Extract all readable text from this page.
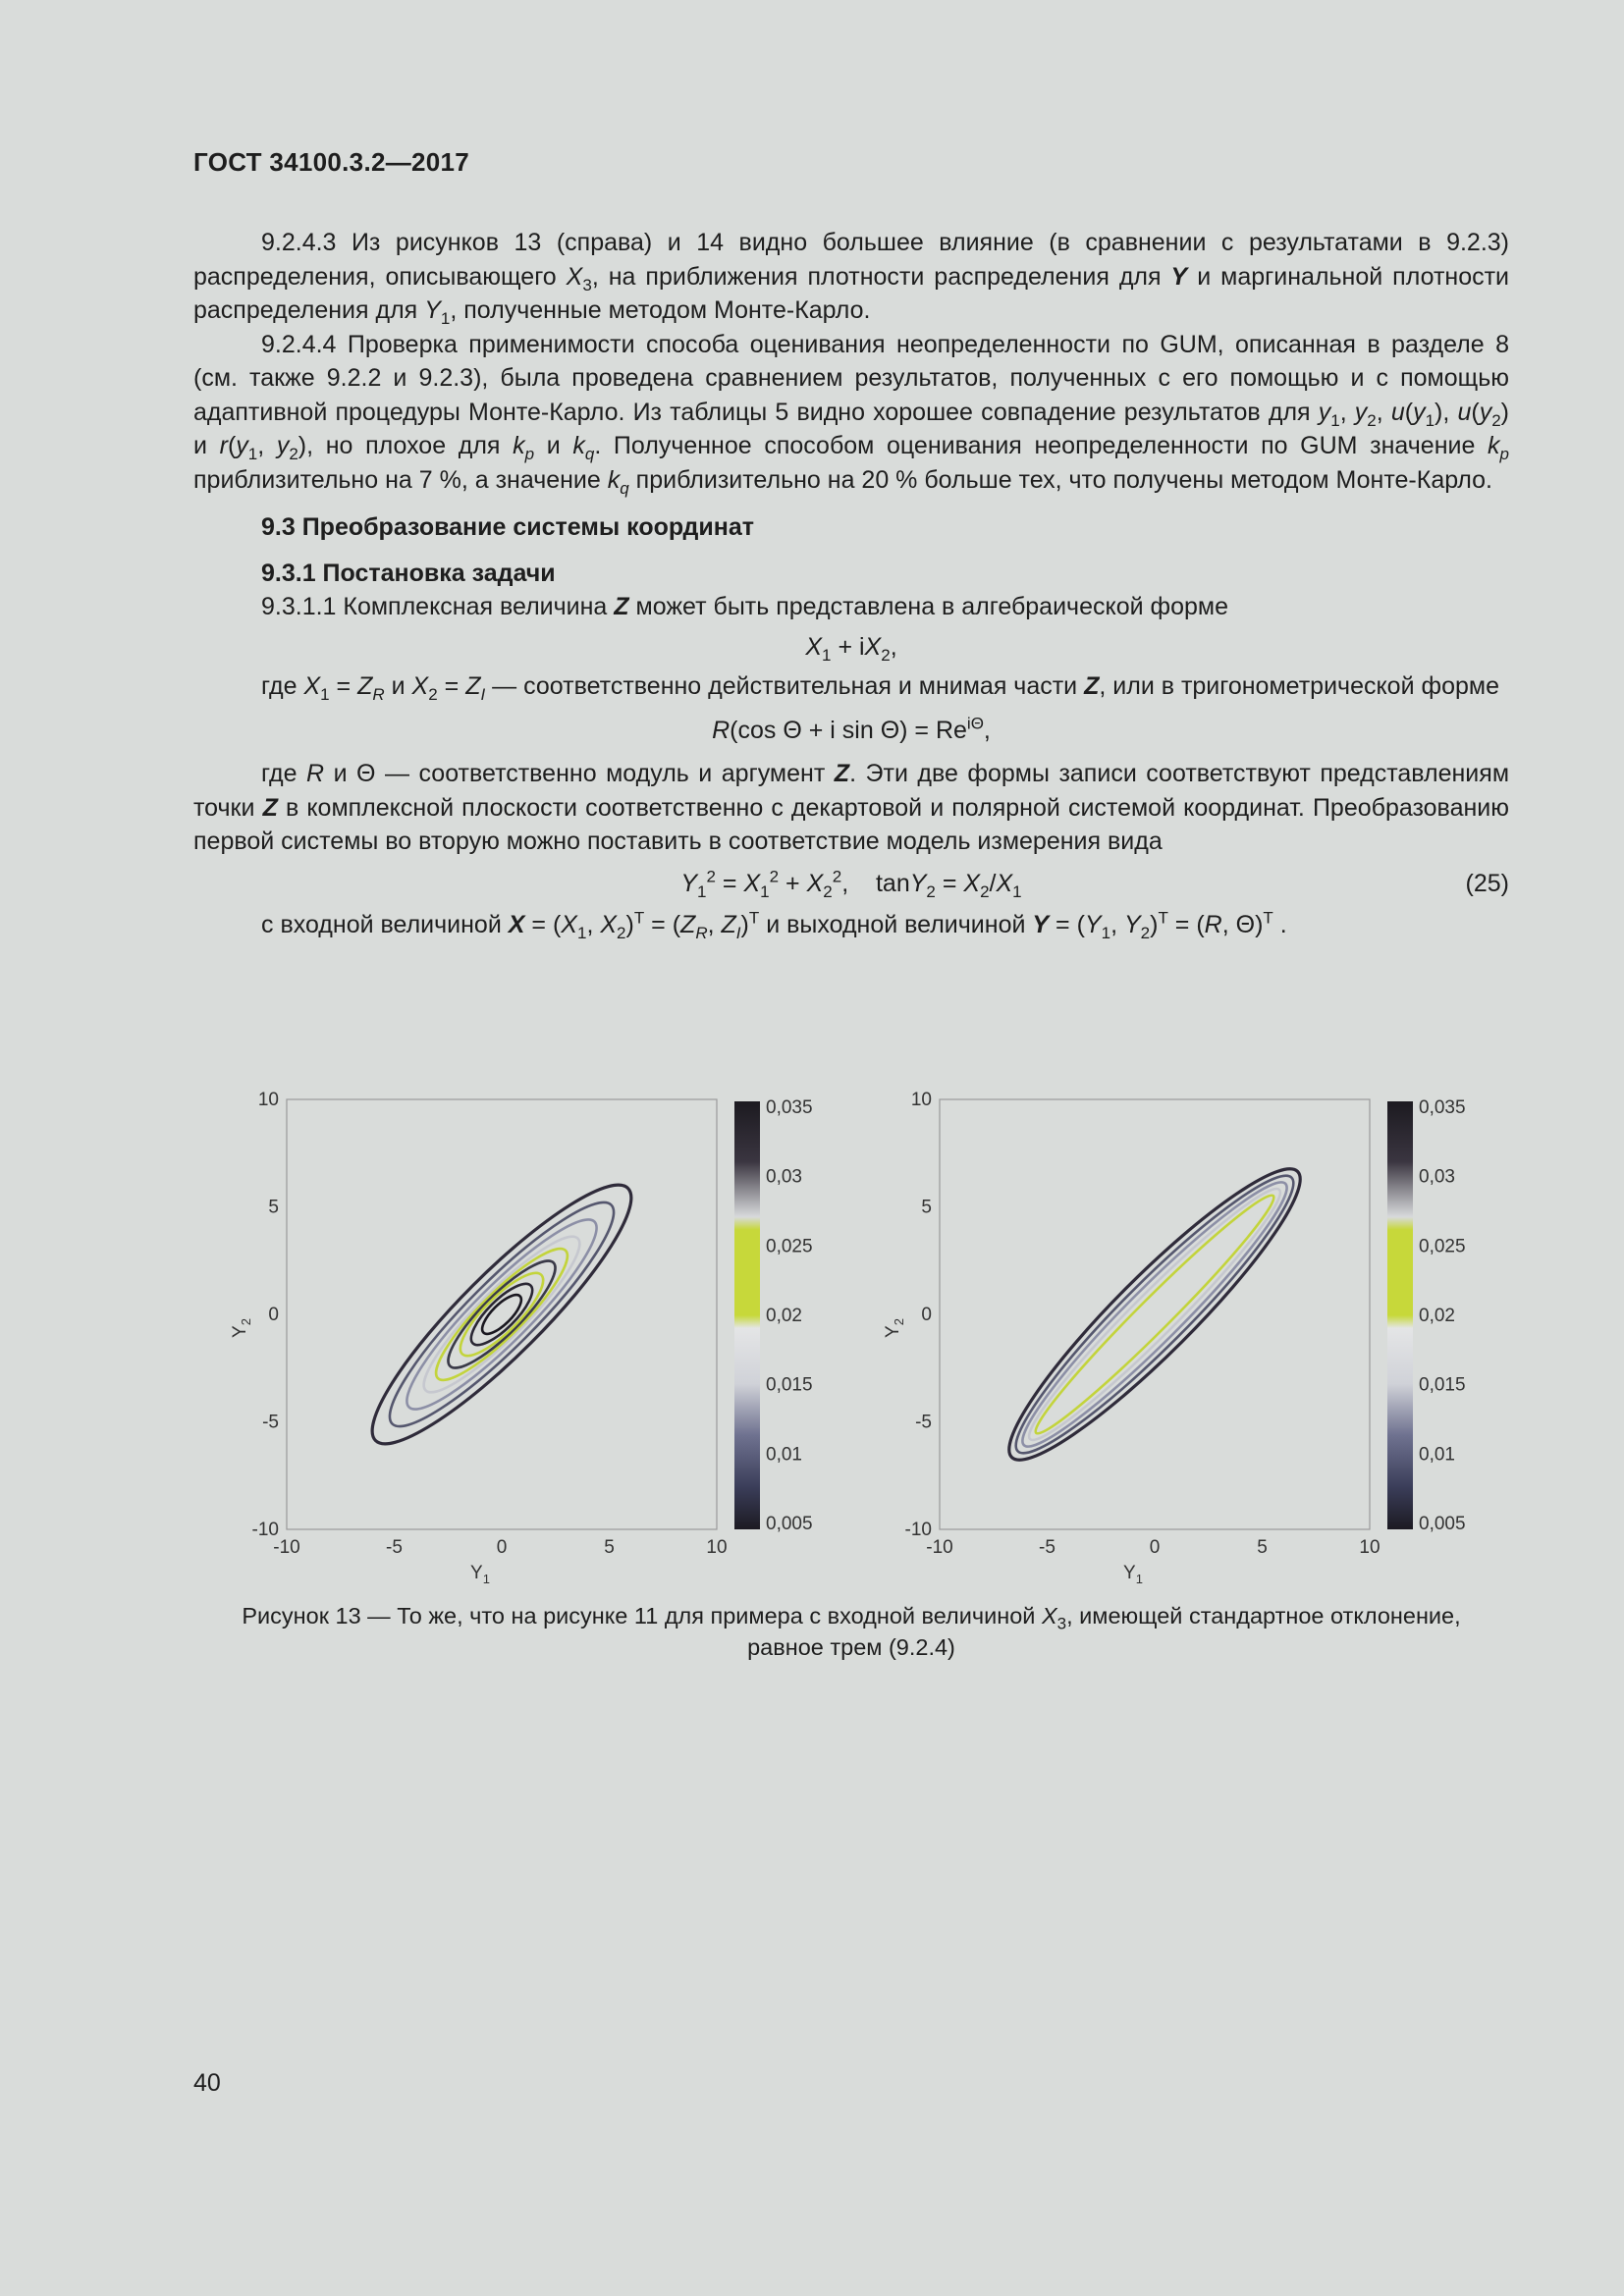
ГОСТ 34100.3.2—2017

9.2.4.3 Из рисунков 13 (справа) и 14 видно большее влияние (в сравнении с результатами в 9.2.3) распределения, описывающего $X_3$, на приближения плотности распределения для Y и маргинальной плотности распределения для $Y_1$, полученные методом Монте-Карло.

9.2.4.4 Проверка применимости способа оценивания неопределенности по GUM, описанная в разделе 8 (см. также 9.2.2 и 9.2.3), была проведена сравнением результатов, полученных с его помощью и с помощью адаптивной процедуры Монте-Карло. Из таблицы 5 видно хорошее совпадение результатов для $y_1$, $y_2$, $u(y_1)$, $u(y_2)$ и $r(y_1$, $y_2$), но плохое для $k_p$ и $k_q$. Полученное способом оценивания неопределенности по GUM значение $k_p$ приблизительно на 7 %, а значение $k_q$ приблизительно на 20 % больше тех, что получены методом Монте-Карло.

9.3 Преобразование системы координат

9.3.1 Постановка задачи

9.3.1.1 Комплексная величина Z может быть представлена в алгебраической форме

$X_1 + iX_2$,

где $X_1 = Z_R$ и $X_2 = Z_I$ — соответственно действительная и мнимая части Z, или в тригонометрической форме

R(cos Θ + i $\sin \Theta) = Re^{i\Theta}$,

где R и Θ — соответственно модуль и аргумент Z. Эти две формы записи соответствуют представлениям точки Z в комплексной плоскости соответственно с декартовой и полярной системой координат. Преобразованию первой системы во вторую можно поставить в соответствие модель измерения вида

$Y_1^2 = X_1^2 + X_2^2$,    $\tan Y_2 = X_2/X_1$	(25)

с входной величиной $X = (X_1$, $X_2)^T = (Z_R$, $Z_I)^T$ и выходной величиной $Y = (Y_1$, $Y_2)^T = (R$, Θ)$^T$ .

-10	-5	0	5	10
10
5
0
-5
-10
$Y_1$
$Y_2$
0,035
0,03
0,025
0,02
0,015
0,01
0,005
-10	-5	0	5	10
10
5
0
-5
-10
$Y_1$
$Y_2$
0,035
0,03
0,025
0,02
0,015
0,01
0,005
Рисунок 13 — То же, что на рисунке 11 для примера с входной величиной $X_3$, имеющей стандартное отклонение,
равное трем (9.2.4)
40
